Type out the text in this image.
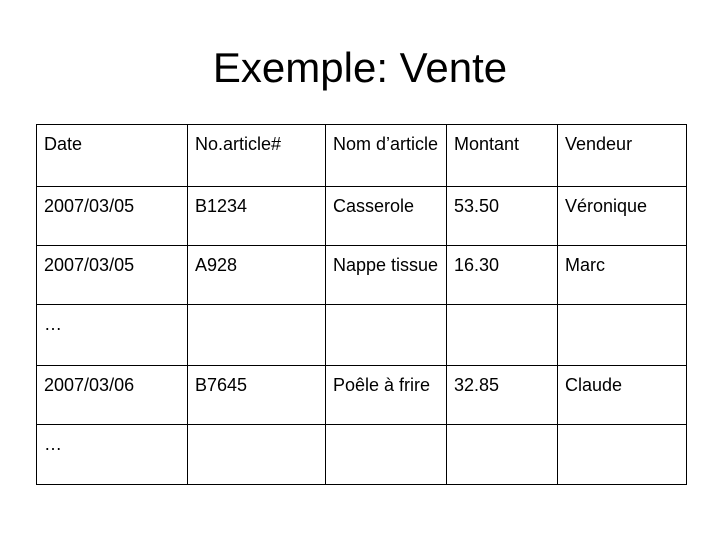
Exemple: Vente
Date	No.article#	Nom d’article	Montant	Vendeur
2007/03/05	B1234	Casserole	53.50	Véronique
2007/03/05	A928	Nappe tissue	16.30	Marc
…				
2007/03/06	B7645	Poêle à frire	32.85	Claude
…				
